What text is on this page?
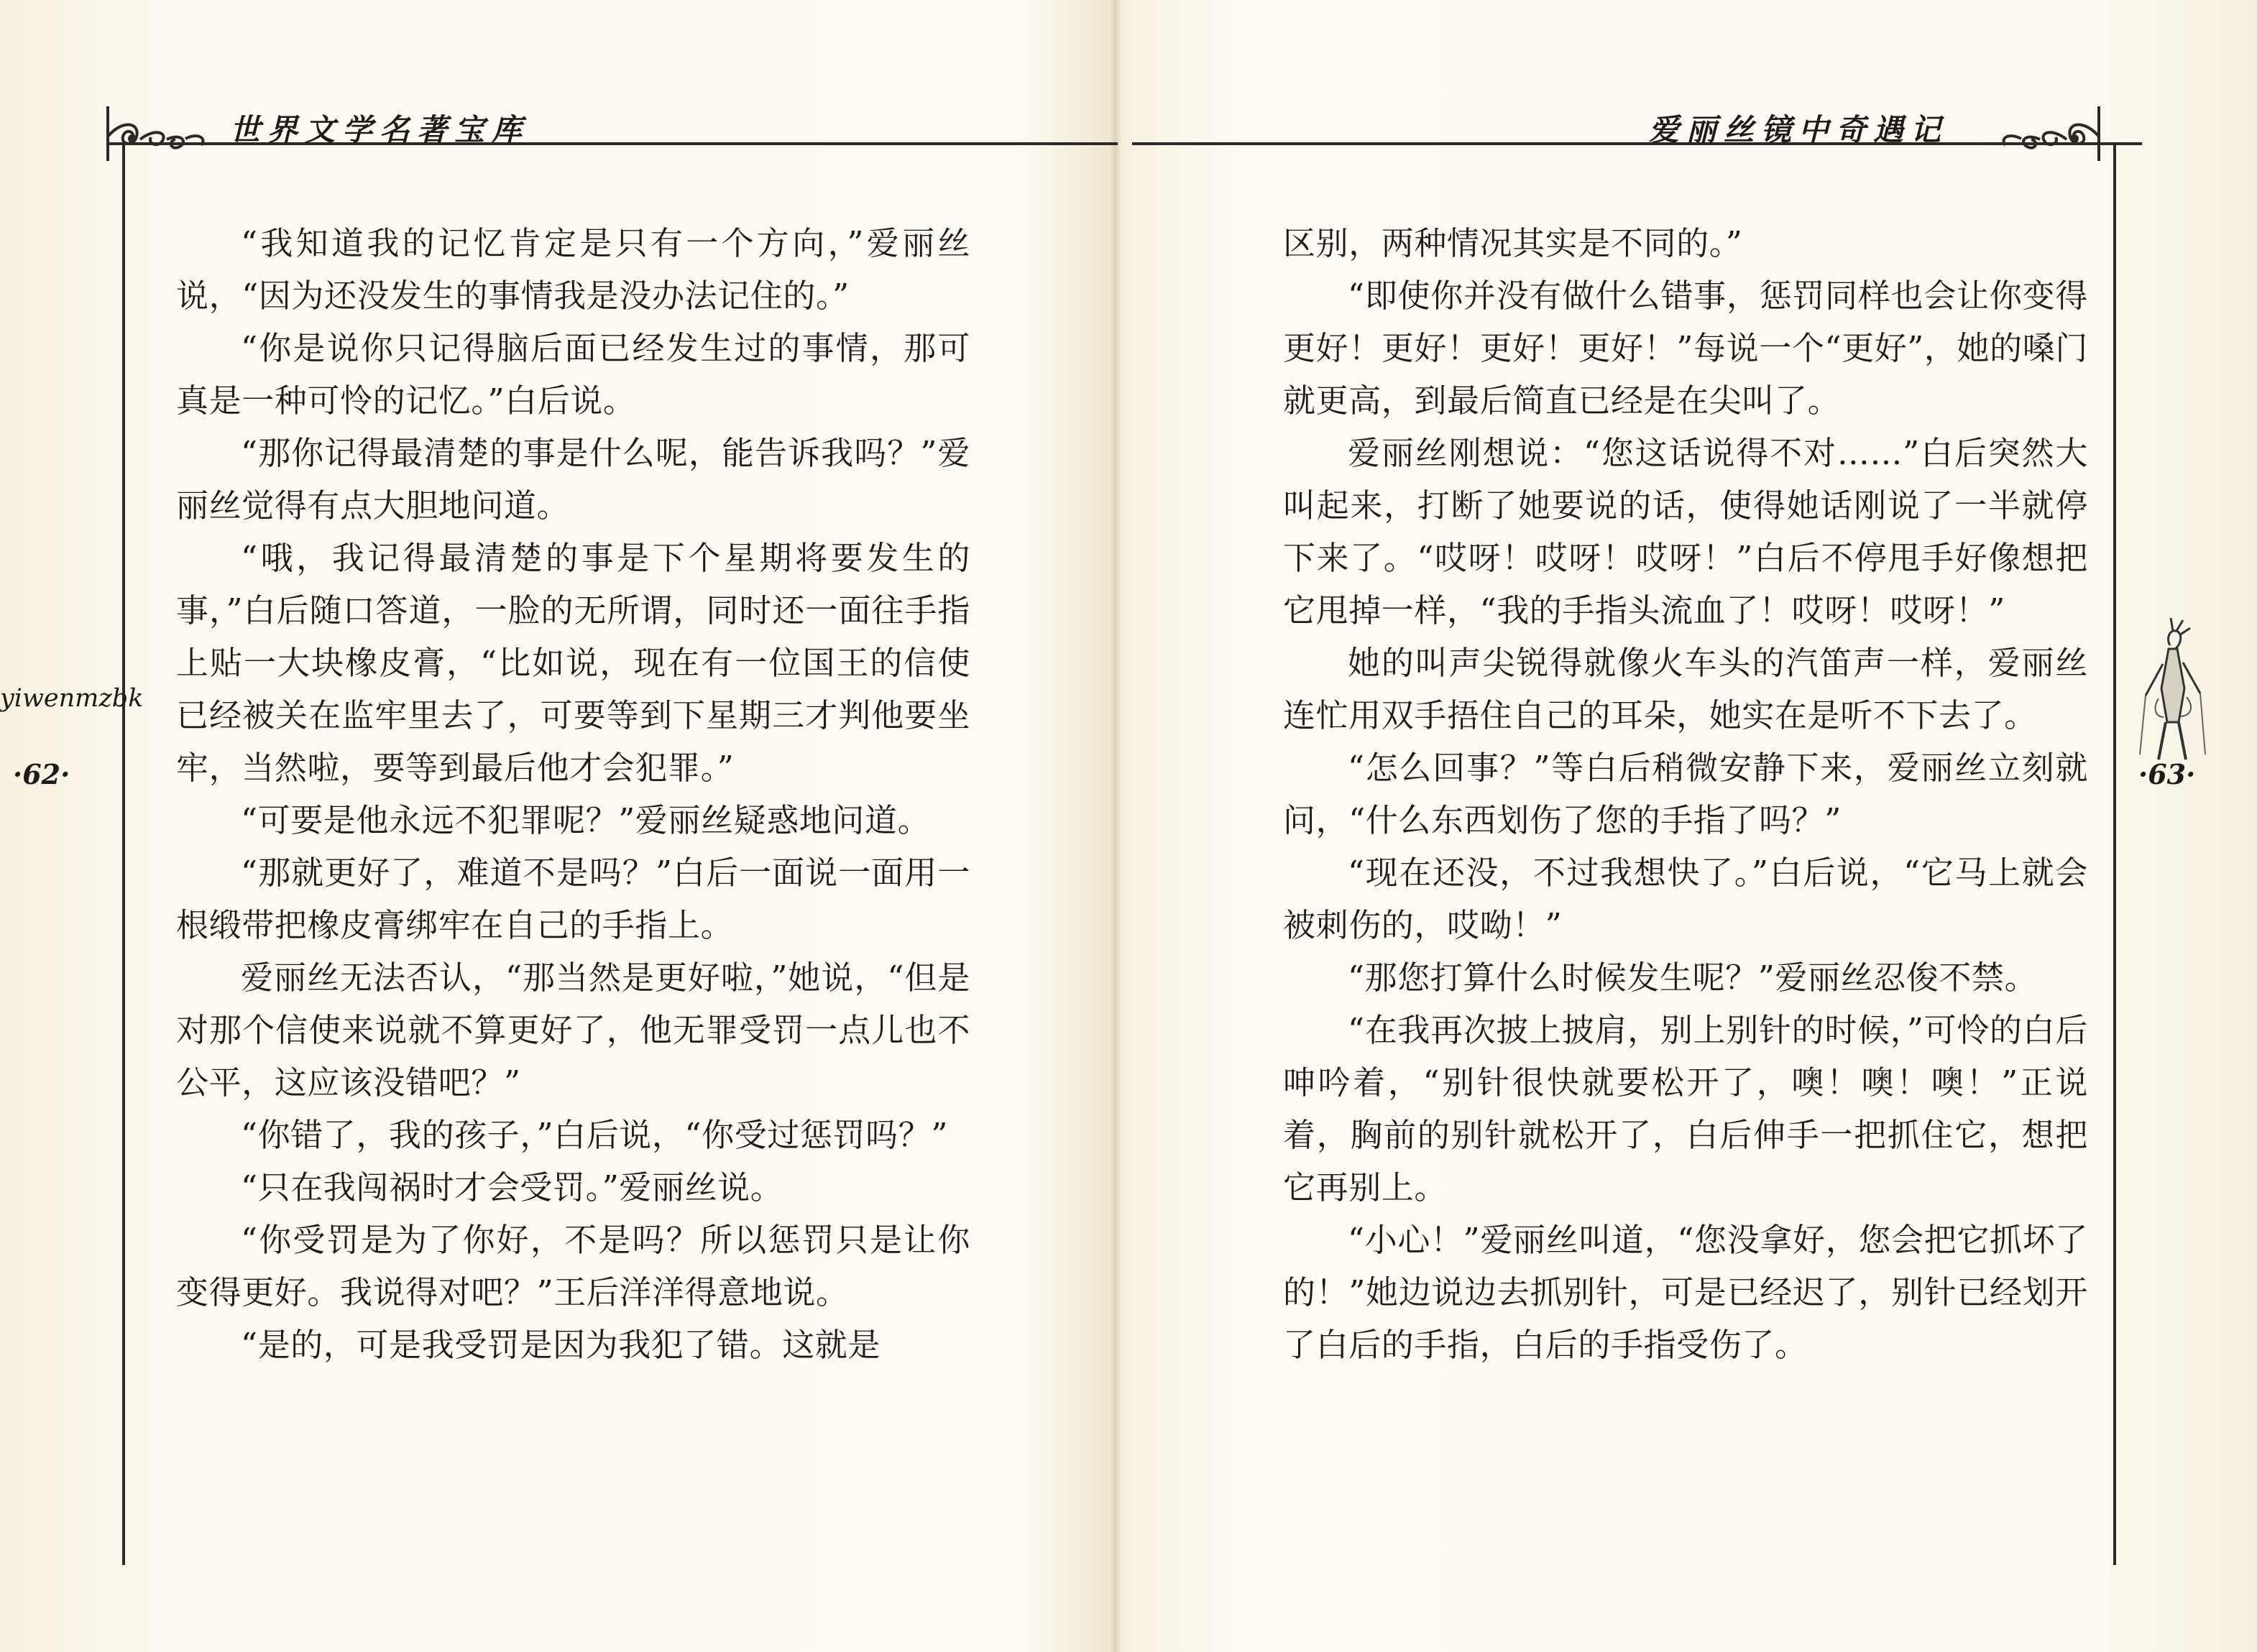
世界文学名著宝库
yiwenmzbk
·62·

“我知道我的记忆肯定是只有一个方向，”爱丽丝说，“因为还没发生的事情我是没办法记住的。”

“你是说你只记得脑后面已经发生过的事情，那可真是一种可怜的记忆。”白后说。

“那你记得最清楚的事是什么呢，能告诉我吗？”爱丽丝觉得有点大胆地问道。

“哦，我记得最清楚的事是下个星期将要发生的事，”白后随口答道，一脸的无所谓，同时还一面往手指上贴一大块橡皮膏，“比如说，现在有一位国王的信使已经被关在监牢里去了，可要等到下星期三才判他要坐牢，当然啦，要等到最后他才会犯罪。”

“可要是他永远不犯罪呢？”爱丽丝疑惑地问道。

“那就更好了，难道不是吗？”白后一面说一面用一根缎带把橡皮膏绑牢在自己的手指上。

爱丽丝无法否认，“那当然是更好啦，”她说，“但是对那个信使来说就不算更好了，他无罪受罚一点儿也不公平，这应该没错吧？”

“你错了，我的孩子，”白后说，“你受过惩罚吗？”

“只在我闯祸时才会受罚。”爱丽丝说。

“你受罚是为了你好，不是吗？所以惩罚只是让你变得更好。我说得对吧？”王后洋洋得意地说。

“是的，可是我受罚是因为我犯了错。这就是

爱丽丝镜中奇遇记
·63·

区别，两种情况其实是不同的。”

“即使你并没有做什么错事，惩罚同样也会让你变得更好！更好！更好！更好！”每说一个“更好”，她的嗓门就更高，到最后简直已经是在尖叫了。

爱丽丝刚想说：“您这话说得不对……”白后突然大叫起来，打断了她要说的话，使得她话刚说了一半就停下来了。“哎呀！哎呀！哎呀！”白后不停甩手好像想把它甩掉一样，“我的手指头流血了！哎呀！哎呀！”

她的叫声尖锐得就像火车头的汽笛声一样，爱丽丝连忙用双手捂住自己的耳朵，她实在是听不下去了。

“怎么回事？”等白后稍微安静下来，爱丽丝立刻就问，“什么东西划伤了您的手指了吗？”

“现在还没，不过我想快了。”白后说，“它马上就会被刺伤的，哎呦！”

“那您打算什么时候发生呢？”爱丽丝忍俊不禁。

“在我再次披上披肩，别上别针的时候，”可怜的白后呻吟着，“别针很快就要松开了，噢！噢！噢！”正说着，胸前的别针就松开了，白后伸手一把抓住它，想把它再别上。

“小心！”爱丽丝叫道，“您没拿好，您会把它抓坏了的！”她边说边去抓别针，可是已经迟了，别针已经划开了白后的手指，白后的手指受伤了。
